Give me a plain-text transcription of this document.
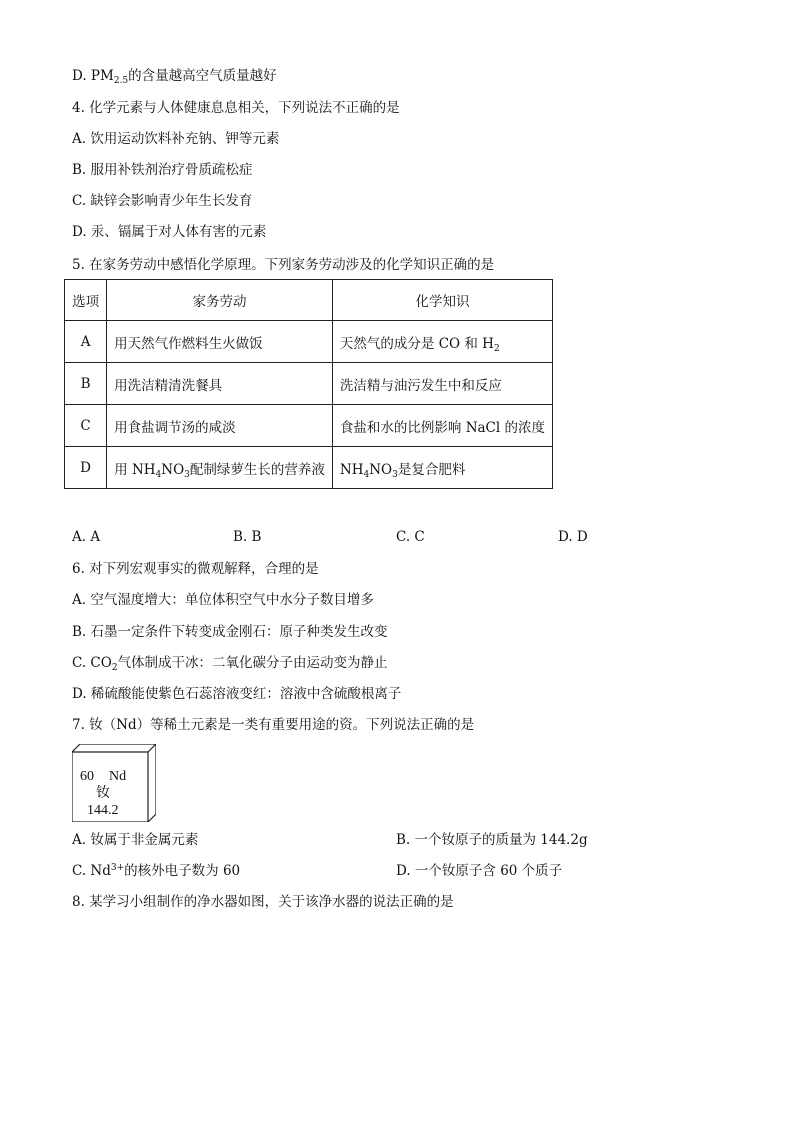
D. $PM_{2.5}$的含量越高空气质量越好
4. 化学元素与人体健康息息相关，下列说法不正确的是
A. 饮用运动饮料补充钠、钾等元素
B. 服用补铁剂治疗骨质疏松症
C. 缺锌会影响青少年生长发育
D. 汞、镉属于对人体有害的元素
5. 在家务劳动中感悟化学原理。下列家务劳动涉及的化学知识正确的是
选项	家务劳动	化学知识
A	用天然气作燃料生火做饭	天然气的成分是 CO 和 $H_2$
B	用洗洁精清洗餐具	洗洁精与油污发生中和反应
C	用食盐调节汤的咸淡	食盐和水的比例影响 NaCl 的浓度
D	用 $NH_4NO_3$配制绿萝生长的营养液	$NH_4NO_3$是复合肥料
A. A	B. B	C. C	D. D
6. 对下列宏观事实的微观解释，合理的是
A. 空气湿度增大：单位体积空气中水分子数目增多
B. 石墨一定条件下转变成金刚石：原子种类发生改变
C. $CO_2$气体制成干冰：二氧化碳分子由运动变为静止
D. 稀硫酸能使紫色石蕊溶液变红：溶液中含硫酸根离子
7. 钕（Nd）等稀土元素是一类有重要用途的资。下列说法正确的是
60 Nd
钕
144.2
A. 钕属于非金属元素	B. 一个钕原子的质量为 144.2g
C. $Nd^{3+}$的核外电子数为 60	D. 一个钕原子含 60 个质子
8. 某学习小组制作的净水器如图，关于该净水器的说法正确的是
